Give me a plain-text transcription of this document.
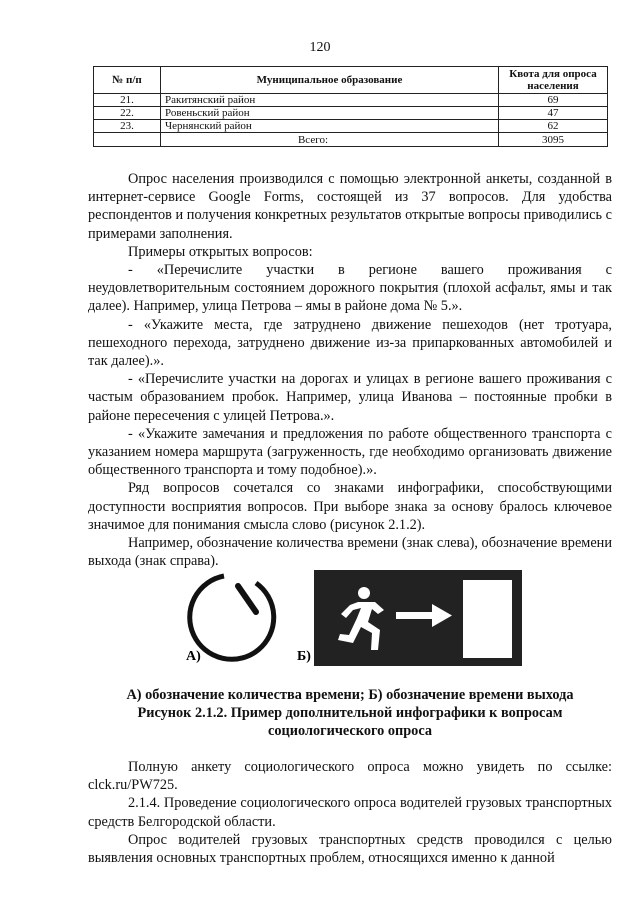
120
№ п/п	Муниципальное образование	Квота для опроса населения
21.	Ракитянский район	69
22.	Ровеньский район	47
23.	Чернянский район	62
	Всего:	3095

Опрос населения производился с помощью электронной анкеты, созданной в интернет-сервисе Google Forms, состоящей из 37 вопросов. Для удобства респондентов и получения конкретных результатов открытые вопросы приводились с примерами заполнения.

Примеры открытых вопросов:

- «Перечислите участки в регионе вашего проживания с неудовлетворительным состоянием дорожного покрытия (плохой асфальт, ямы и так далее). Например, улица Петрова – ямы в районе дома № 5.».

- «Укажите места, где затруднено движение пешеходов (нет тротуара, пешеходного перехода, затруднено движение из-за припаркованных автомобилей и так далее).».

- «Перечислите участки на дорогах и улицах в регионе вашего проживания с частым образованием пробок. Например, улица Иванова – постоянные пробки в районе пересечения с улицей Петрова.».

- «Укажите замечания и предложения по работе общественного транспорта с указанием номера маршрута (загруженность, где необходимо организовать движение общественного транспорта и тому подобное).».

Ряд вопросов сочетался со знаками инфографики, способствующими доступности восприятия вопросов. При выборе знака за основу бралось ключевое значимое для понимания смысла слово (рисунок 2.1.2).

Например, обозначение количества времени (знак слева), обозначение времени выхода (знак справа).

А)	Б)
А) обозначение количества времени; Б) обозначение времени выхода
Рисунок 2.1.2. Пример дополнительной инфографики к вопросам социологического опроса

Полную анкету социологического опроса можно увидеть по ссылке: clck.ru/PW725.

2.1.4. Проведение социологического опроса водителей грузовых транспортных средств Белгородской области.

Опрос водителей грузовых транспортных средств проводился с целью выявления основных транспортных проблем, относящихся именно к данной
